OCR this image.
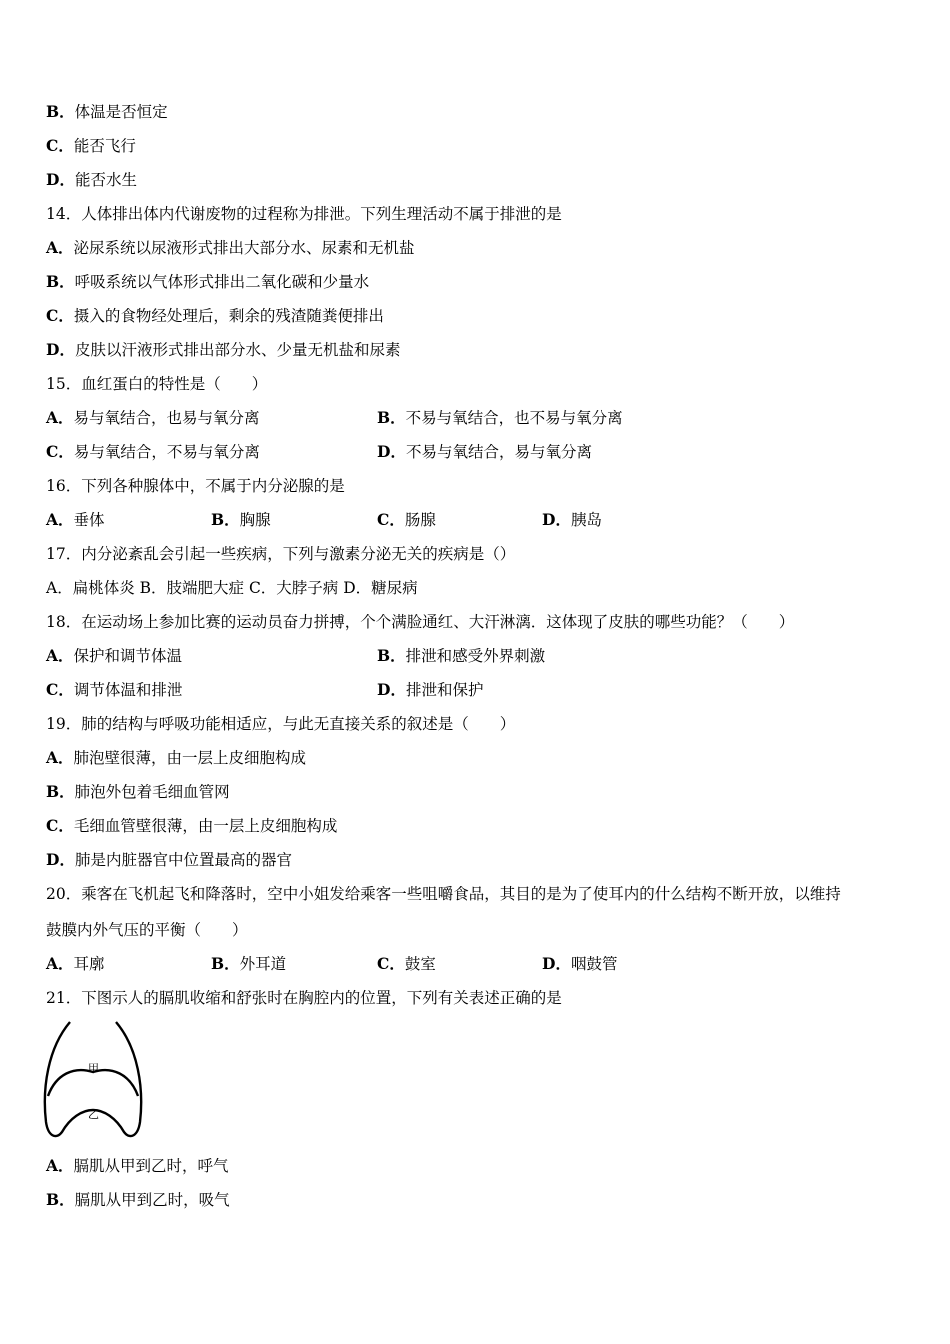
B．体温是否恒定
C．能否飞行
D．能否水生
14．人体排出体内代谢废物的过程称为排泄。下列生理活动不属于排泄的是
A．泌尿系统以尿液形式排出大部分水、尿素和无机盐
B．呼吸系统以气体形式排出二氧化碳和少量水
C．摄入的食物经处理后，剩余的残渣随粪便排出
D．皮肤以汗液形式排出部分水、少量无机盐和尿素
15．血红蛋白的特性是（　　）
A．易与氧结合，也易与氧分离	B．不易与氧结合，也不易与氧分离
C．易与氧结合，不易与氧分离	D．不易与氧结合，易与氧分离
16．下列各种腺体中，不属于内分泌腺的是
A．垂体	B．胸腺	C．肠腺	D．胰岛
17．内分泌紊乱会引起一些疾病，下列与激素分泌无关的疾病是（）
A．扁桃体炎 B．肢端肥大症 C．大脖子病 D．糖尿病
18．在运动场上参加比赛的运动员奋力拼搏，个个满脸通红、大汗淋漓．这体现了皮肤的哪些功能？（　　）
A．保护和调节体温	B．排泄和感受外界刺激
C．调节体温和排泄	D．排泄和保护
19．肺的结构与呼吸功能相适应，与此无直接关系的叙述是（　　）
A．肺泡壁很薄，由一层上皮细胞构成
B．肺泡外包着毛细血管网
C．毛细血管壁很薄，由一层上皮细胞构成
D．肺是内脏器官中位置最高的器官
20．乘客在飞机起飞和降落时，空中小姐发给乘客一些咀嚼食品，其目的是为了使耳内的什么结构不断开放，以维持
鼓膜内外气压的平衡（　　）
A．耳廓	B．外耳道	C．鼓室	D．咽鼓管
21．下图示人的膈肌收缩和舒张时在胸腔内的位置，下列有关表述正确的是
甲
乙
A．膈肌从甲到乙时，呼气
B．膈肌从甲到乙时，吸气
